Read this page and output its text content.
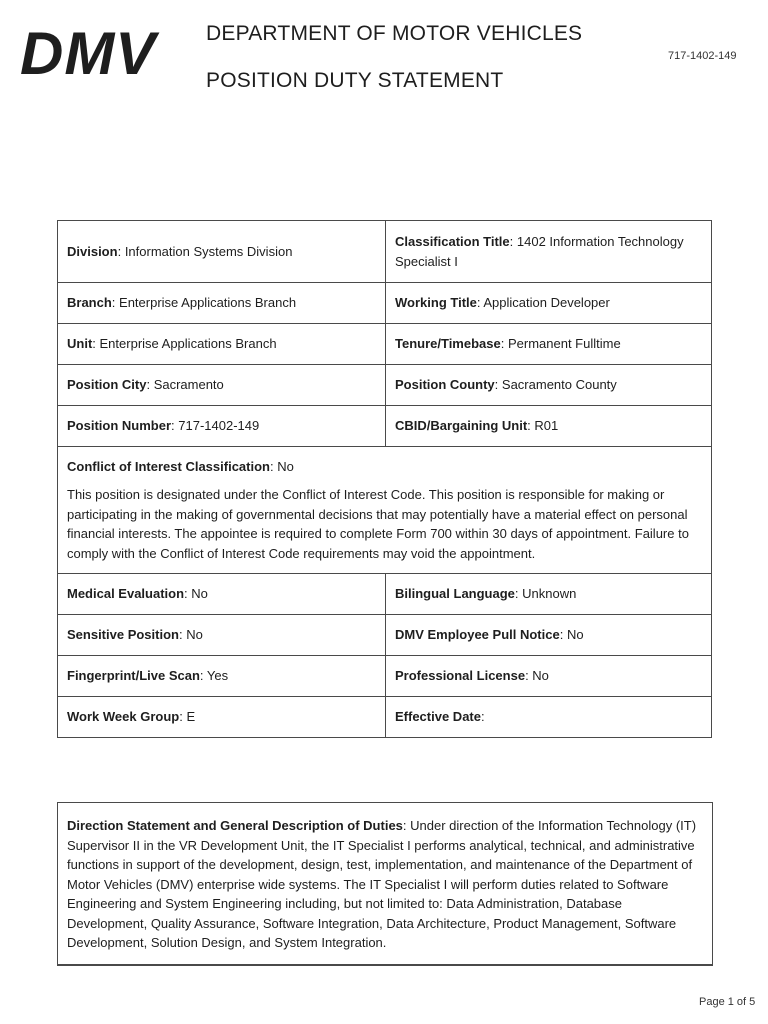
DMV DEPARTMENT OF MOTOR VEHICLES
POSITION DUTY STATEMENT
717-1402-149
Division: Information Systems Division	Classification Title: 1402 Information Technology Specialist I
Branch: Enterprise Applications Branch	Working Title: Application Developer
Unit: Enterprise Applications Branch	Tenure/Timebase: Permanent Fulltime
Position City: Sacramento	Position County: Sacramento County
Position Number: 717-1402-149	CBID/Bargaining Unit: R01

Conflict of Interest Classification: No
This position is designated under the Conflict of Interest Code. This position is responsible for making or participating in the making of governmental decisions that may potentially have a material effect on personal financial interests. The appointee is required to complete Form 700 within 30 days of appointment. Failure to comply with the Conflict of Interest Code requirements may void the appointment.	

Medical Evaluation: No	Bilingual Language: Unknown
Sensitive Position: No	DMV Employee Pull Notice: No
Fingerprint/Live Scan: Yes	Professional License: No
Work Week Group: E	Effective Date:
Direction Statement and General Description of Duties: Under direction of the Information Technology (IT) Supervisor II in the VR Development Unit, the IT Specialist I performs analytical, technical, and administrative functions in support of the development, design, test, implementation, and maintenance of the Department of Motor Vehicles (DMV) enterprise wide systems. The IT Specialist I will perform duties related to Software Engineering and System Engineering including, but not limited to: Data Administration, Database Development, Quality Assurance, Software Integration, Data Architecture, Product Management, Software Development, Solution Design, and System Integration.
Page 1 of 5
